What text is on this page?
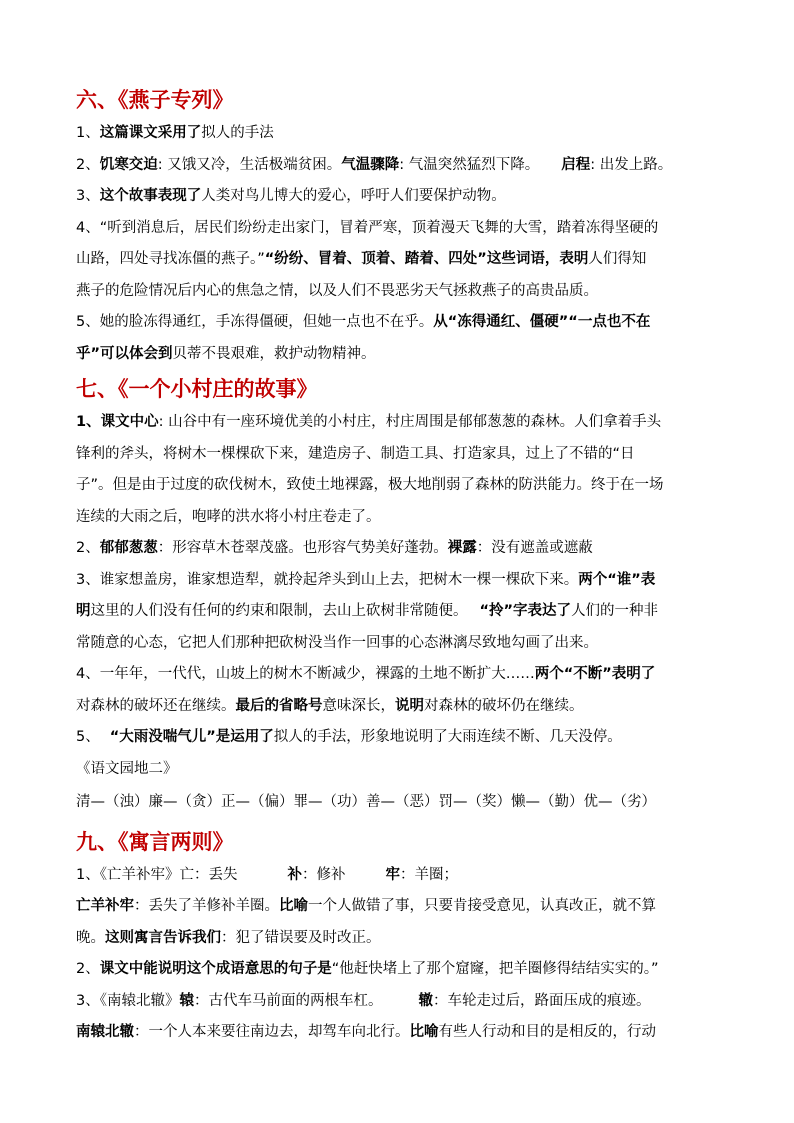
六、《燕子专列》

1、这篇课文采用了拟人的手法

2、饥寒交迫: 又饿又冷，生活极端贫困。气温骤降: 气温突然猛烈下降。 启程: 出发上路。

3、这个故事表现了人类对鸟儿博大的爱心，呼吁人们要保护动物。

4、“听到消息后，居民们纷纷走出家门，冒着严寒，顶着漫天飞舞的大雪，踏着冻得坚硬的

山路，四处寻找冻僵的燕子。”“纷纷、冒着、顶着、踏着、四处”这些词语，表明人们得知

燕子的危险情况后内心的焦急之情，以及人们不畏恶劣天气拯救燕子的高贵品质。

5、她的脸冻得通红，手冻得僵硬，但她一点也不在乎。从“冻得通红、僵硬”“一点也不在

乎”可以体会到贝蒂不畏艰难，救护动物精神。

七、《一个小村庄的故事》

1、课文中心: 山谷中有一座环境优美的小村庄，村庄周围是郁郁葱葱的森林。人们拿着手头

锋利的斧头，将树木一棵棵砍下来，建造房子、制造工具、打造家具，过上了不错的“日

子”。但是由于过度的砍伐树木，致使土地裸露，极大地削弱了森林的防洪能力。终于在一场

连续的大雨之后，咆哮的洪水将小村庄卷走了。

2、郁郁葱葱：形容草木苍翠茂盛。也形容气势美好蓬勃。裸露：没有遮盖或遮蔽

3、谁家想盖房，谁家想造犁，就拎起斧头到山上去，把树木一棵一棵砍下来。两个“谁”表

明这里的人们没有任何的约束和限制，去山上砍树非常随便。 “拎”字表达了人们的一种非

常随意的心态，它把人们那种把砍树没当作一回事的心态淋漓尽致地勾画了出来。

4、一年年，一代代，山坡上的树木不断减少，裸露的土地不断扩大……两个“不断”表明了

对森林的破坏还在继续。最后的省略号意味深长，说明对森林的破坏仍在继续。

5、 “大雨没喘气儿”是运用了拟人的手法，形象地说明了大雨连续不断、几天没停。

《语文园地二》

清—（浊）廉—（贪）正—（偏）罪—（功）善—（恶）罚—（奖）懒—（勤）优—（劣）

九、《寓言两则》

1、《亡羊补牢》亡：丢失	补：修补	牢：羊圈；

亡羊补牢：丢失了羊修补羊圈。比喻一个人做错了事，只要肯接受意见，认真改正，就不算

晚。这则寓言告诉我们：犯了错误要及时改正。

2、课文中能说明这个成语意思的句子是“他赶快堵上了那个窟窿，把羊圈修得结结实实的。”

3、《南辕北辙》辕：古代车马前面的两根车杠。 辙：车轮走过后，路面压成的痕迹。

南辕北辙：一个人本来要往南边去，却驾车向北行。比喻有些人行动和目的是相反的，行动
